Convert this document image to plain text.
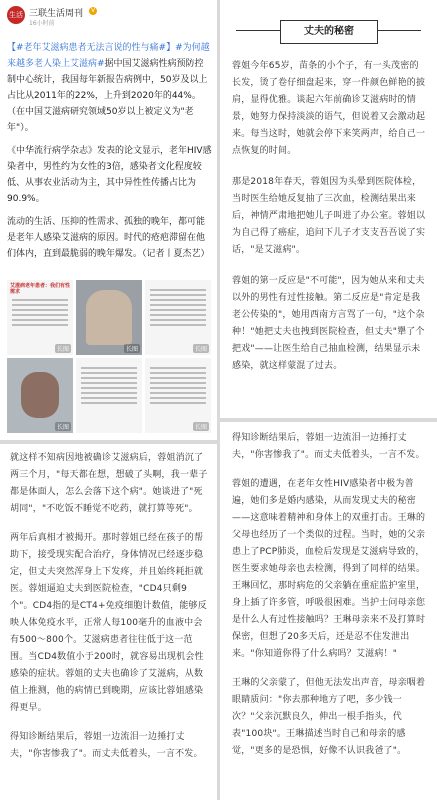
生活 三联生活周刊	V
16小时前

【#老年艾滋病患者无法言说的性与痛#】#为何越来越多老人染上艾滋病#据中国艾滋病性病预防控制中心统计，我国每年新报告病例中，50岁及以上占比从2011年的22%，上升到2020年的44%。（在中国艾滋病研究领域50岁以上被定义为"老年"）。

《中华流行病学杂志》发表的论文显示，老年HIV感染者中，男性约为女性的3倍，感染者文化程度较低、从事农业活动为主，其中异性性传播占比为90.9%。

流动的生活、压抑的性需求、孤独的晚年，都可能是老年人感染艾滋病的原因。时代的疮疤滞留在他们体内，直到最脆弱的晚年爆发。（记者丨夏杰艺）

艾滋病老年患者：我们有性需求
长图	长图	长图
长图	长图
丈夫的秘密

蓉姐今年65岁，苗条的小个子，有一头茂密的长发，烫了卷仔细盘起来，穿一件颜色鲜艳的披肩，显得优雅。谈起六年前确诊艾滋病时的情景，她努力保持淡淡的语气，但说着又会激动起来。每当这时，她就会停下来笑两声，给自己一点恢复的时间。

那是2018年春天，蓉姐因为头晕到医院体检，当时医生给她反复抽了三次血，检测结果出来后，神情严肃地把她儿子叫进了办公室。蓉姐以为自己得了癌症，追问下儿子才支支吾吾说了实话，"是艾滋病"。

蓉姐的第一反应是"不可能"，因为她从来和丈夫以外的男性有过性接触。第二反应是"肯定是我老公传染的"，她用西南方言骂了一句，"这个杂种！"她把丈夫也拽到医院检查，但丈夫"犟了个把戏"——让医生给自己抽血检测，结果显示未感染，就这样蒙混了过去。

就这样不知病因地被确诊艾滋病后，蓉姐消沉了两三个月，"每天都在想，想破了头啊，我一辈子都是体面人，怎么会落下这个病"。她谈进了"死胡同"，"不吃饭不睡觉不吃药，就打算等死"。

两年后真相才被揭开。那时蓉姐已经在孩子的帮助下，接受现实配合治疗，身体情况已经逐步稳定，但丈夫突然浑身上下发疼，并且始终耗拒就医。蓉姐逼迫丈夫到医院检查，"CD4只剩9个"。CD4指的是CT4+免疫细胞计数值，能够反映人体免疫水平，正常人每100毫升的血液中会有500～800个。艾滋病患者往往低于这一范围。当CD4数值小于200时，就容易出现机会性感染的症状。蓉姐的丈夫也确诊了艾滋病，从数值上推测，他的病情已到晚期，应该比蓉姐感染得更早。

得知诊断结果后，蓉姐一边流泪一边捶打丈夫，"你害惨我了"。而丈夫低着头，一言不发。

得知诊断结果后，蓉姐一边流泪一边捶打丈夫，"你害惨我了"。而丈夫低着头，一言不发。

蓉姐的遭遇，在老年女性HIV感染者中极为普遍，她们多是婚内感染，从而发现丈夫的秘密——这意味着精神和身体上的双重打击。王琳的父母也经历了一个类似的过程。当时，她的父亲患上了PCP肺炎，血检后发现是艾滋病导致的，医生要求她母亲也去检测，得到了同样的结果。王琳回忆，那时病危的父亲躺在重症监护室里，身上插了许多管，呼吸很困难。当护士问母亲您是什么人有过性接触吗？王琳母亲来不及打算时保密，但想了20多天后，还是忍不住发泄出来。"你知道你得了什么病吗？艾滋病！"

王琳的父亲蒙了，但他无法发出声音，母亲咽着眼睛质问："你去那种地方了吧，多少钱一次？"父亲沉默良久，伸出一根手指头，代表"100块"。王琳描述当时自己和母亲的感觉，"更多的是恐惧，好像不认识我爸了"。
